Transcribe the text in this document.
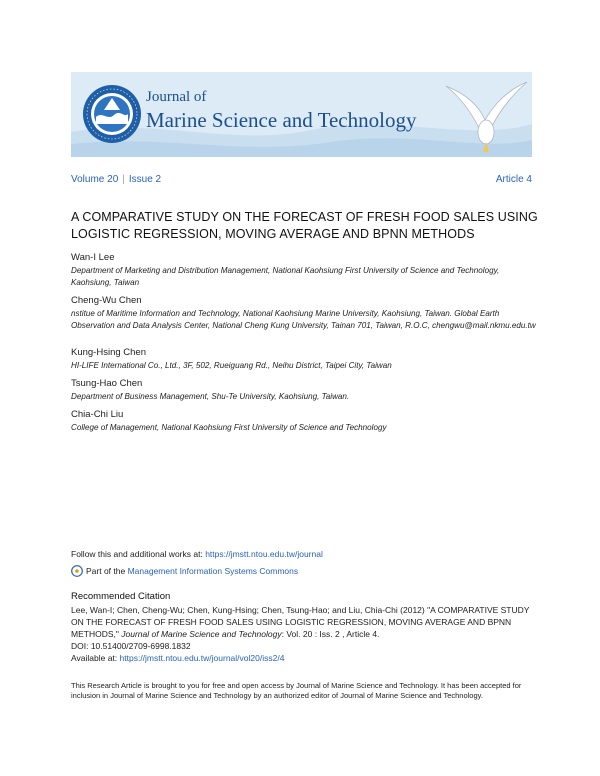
Journal of
Marine Science and Technology
Volume 20 | Issue 2	Article 4
A COMPARATIVE STUDY ON THE FORECAST OF FRESH FOOD SALES USING LOGISTIC REGRESSION, MOVING AVERAGE AND BPNN METHODS
Wan-I Lee
Department of Marketing and Distribution Management, National Kaohsiung First University of Science and Technology, Kaohsiung, Taiwan
Cheng-Wu Chen
nstitue of Maritime Information and Technology, National Kaohsiung Marine University, Kaohsiung, Taiwan. Global Earth Observation and Data Analysis Center, National Cheng Kung University, Tainan 701, Taiwan, R.O.C, chengwu@mail.nkmu.edu.tw
Kung-Hsing Chen
HI-LIFE International Co., Ltd., 3F, 502, Rueiguang Rd., Neihu District, Taipei City, Taiwan
Tsung-Hao Chen
Department of Business Management, Shu-Te University, Kaohsiung, Taiwan.
Chia-Chi Liu
College of Management, National Kaohsiung First University of Science and Technology
Follow this and additional works at: https://jmstt.ntou.edu.tw/journal
Part of the
Management Information Systems Commons
Recommended Citation
Lee, Wan-I; Chen, Cheng-Wu; Chen, Kung-Hsing; Chen, Tsung-Hao; and Liu, Chia-Chi (2012) "A COMPARATIVE STUDY ON THE FORECAST OF FRESH FOOD SALES USING LOGISTIC REGRESSION, MOVING AVERAGE AND BPNN METHODS," Journal of Marine Science and Technology: Vol. 20 : Iss. 2 , Article 4.
DOI: 10.51400/2709-6998.1832
Available at: https://jmstt.ntou.edu.tw/journal/vol20/iss2/4
This Research Article is brought to you for free and open access by Journal of Marine Science and Technology. It has been accepted for inclusion in Journal of Marine Science and Technology by an authorized editor of Journal of Marine Science and Technology.
